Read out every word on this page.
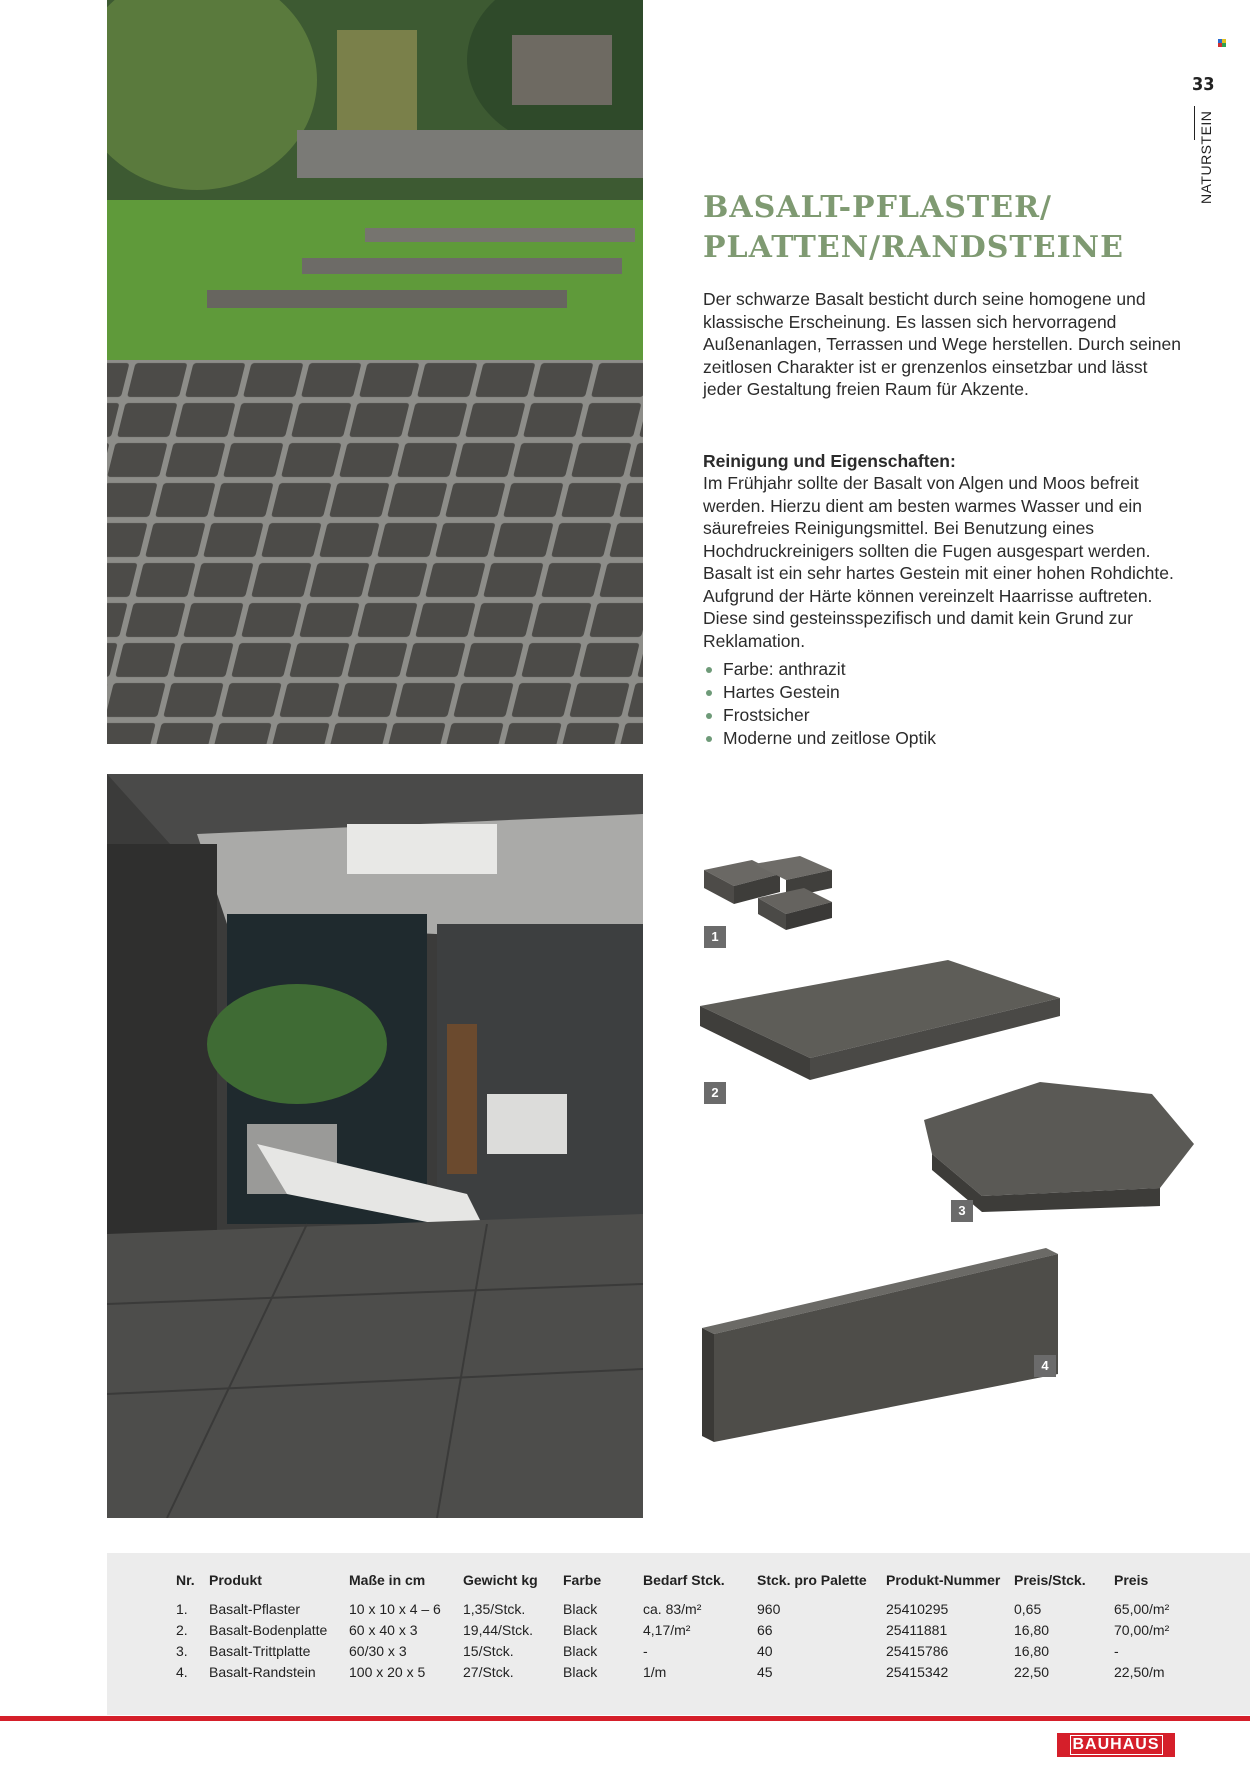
33
NATURSTEIN
BASALT-PFLASTER/
PLATTEN/RANDSTEINE
Der schwarze Basalt besticht durch seine homogene und klassische Erscheinung. Es lassen sich hervorragend Außenanlagen, Terrassen und Wege herstellen. Durch seinen zeitlosen Charakter ist er grenzenlos einsetzbar und lässt jeder Gestaltung freien Raum für Akzente.
Reinigung und Eigenschaften:
Im Frühjahr sollte der Basalt von Algen und Moos befreit werden. Hierzu dient am besten warmes Wasser und ein säurefreies Reinigungsmittel. Bei Benutzung eines Hochdruckreinigers sollten die Fugen ausgespart werden. Basalt ist ein sehr hartes Gestein mit einer hohen Rohdichte. Aufgrund der Härte können vereinzelt Haarrisse auftreten. Diese sind gesteinsspezifisch und damit kein Grund zur Reklamation.
Farbe: anthrazit
Hartes Gestein
Frostsicher
Moderne und zeitlose Optik
1
2
3
4
Nr.	Produkt	Maße in cm	Gewicht kg	Farbe	Bedarf Stck.	Stck. pro Palette	Produkt-Nummer	Preis/Stck.	Preis
1.	Basalt-Pflaster	10 x 10 x 4 – 6	1,35/Stck.	Black	ca. 83/m²	960	25410295	0,65	65,00/m²
2.	Basalt-Bodenplatte	60 x 40 x 3	19,44/Stck.	Black	4,17/m²	66	25411881	16,80	70,00/m²
3.	Basalt-Trittplatte	60/30 x 3	15/Stck.	Black	-	40	25415786	16,80	-
4.	Basalt-Randstein	100 x 20 x 5	27/Stck.	Black	1/m	45	25415342	22,50	22,50/m
BAUHAUS
